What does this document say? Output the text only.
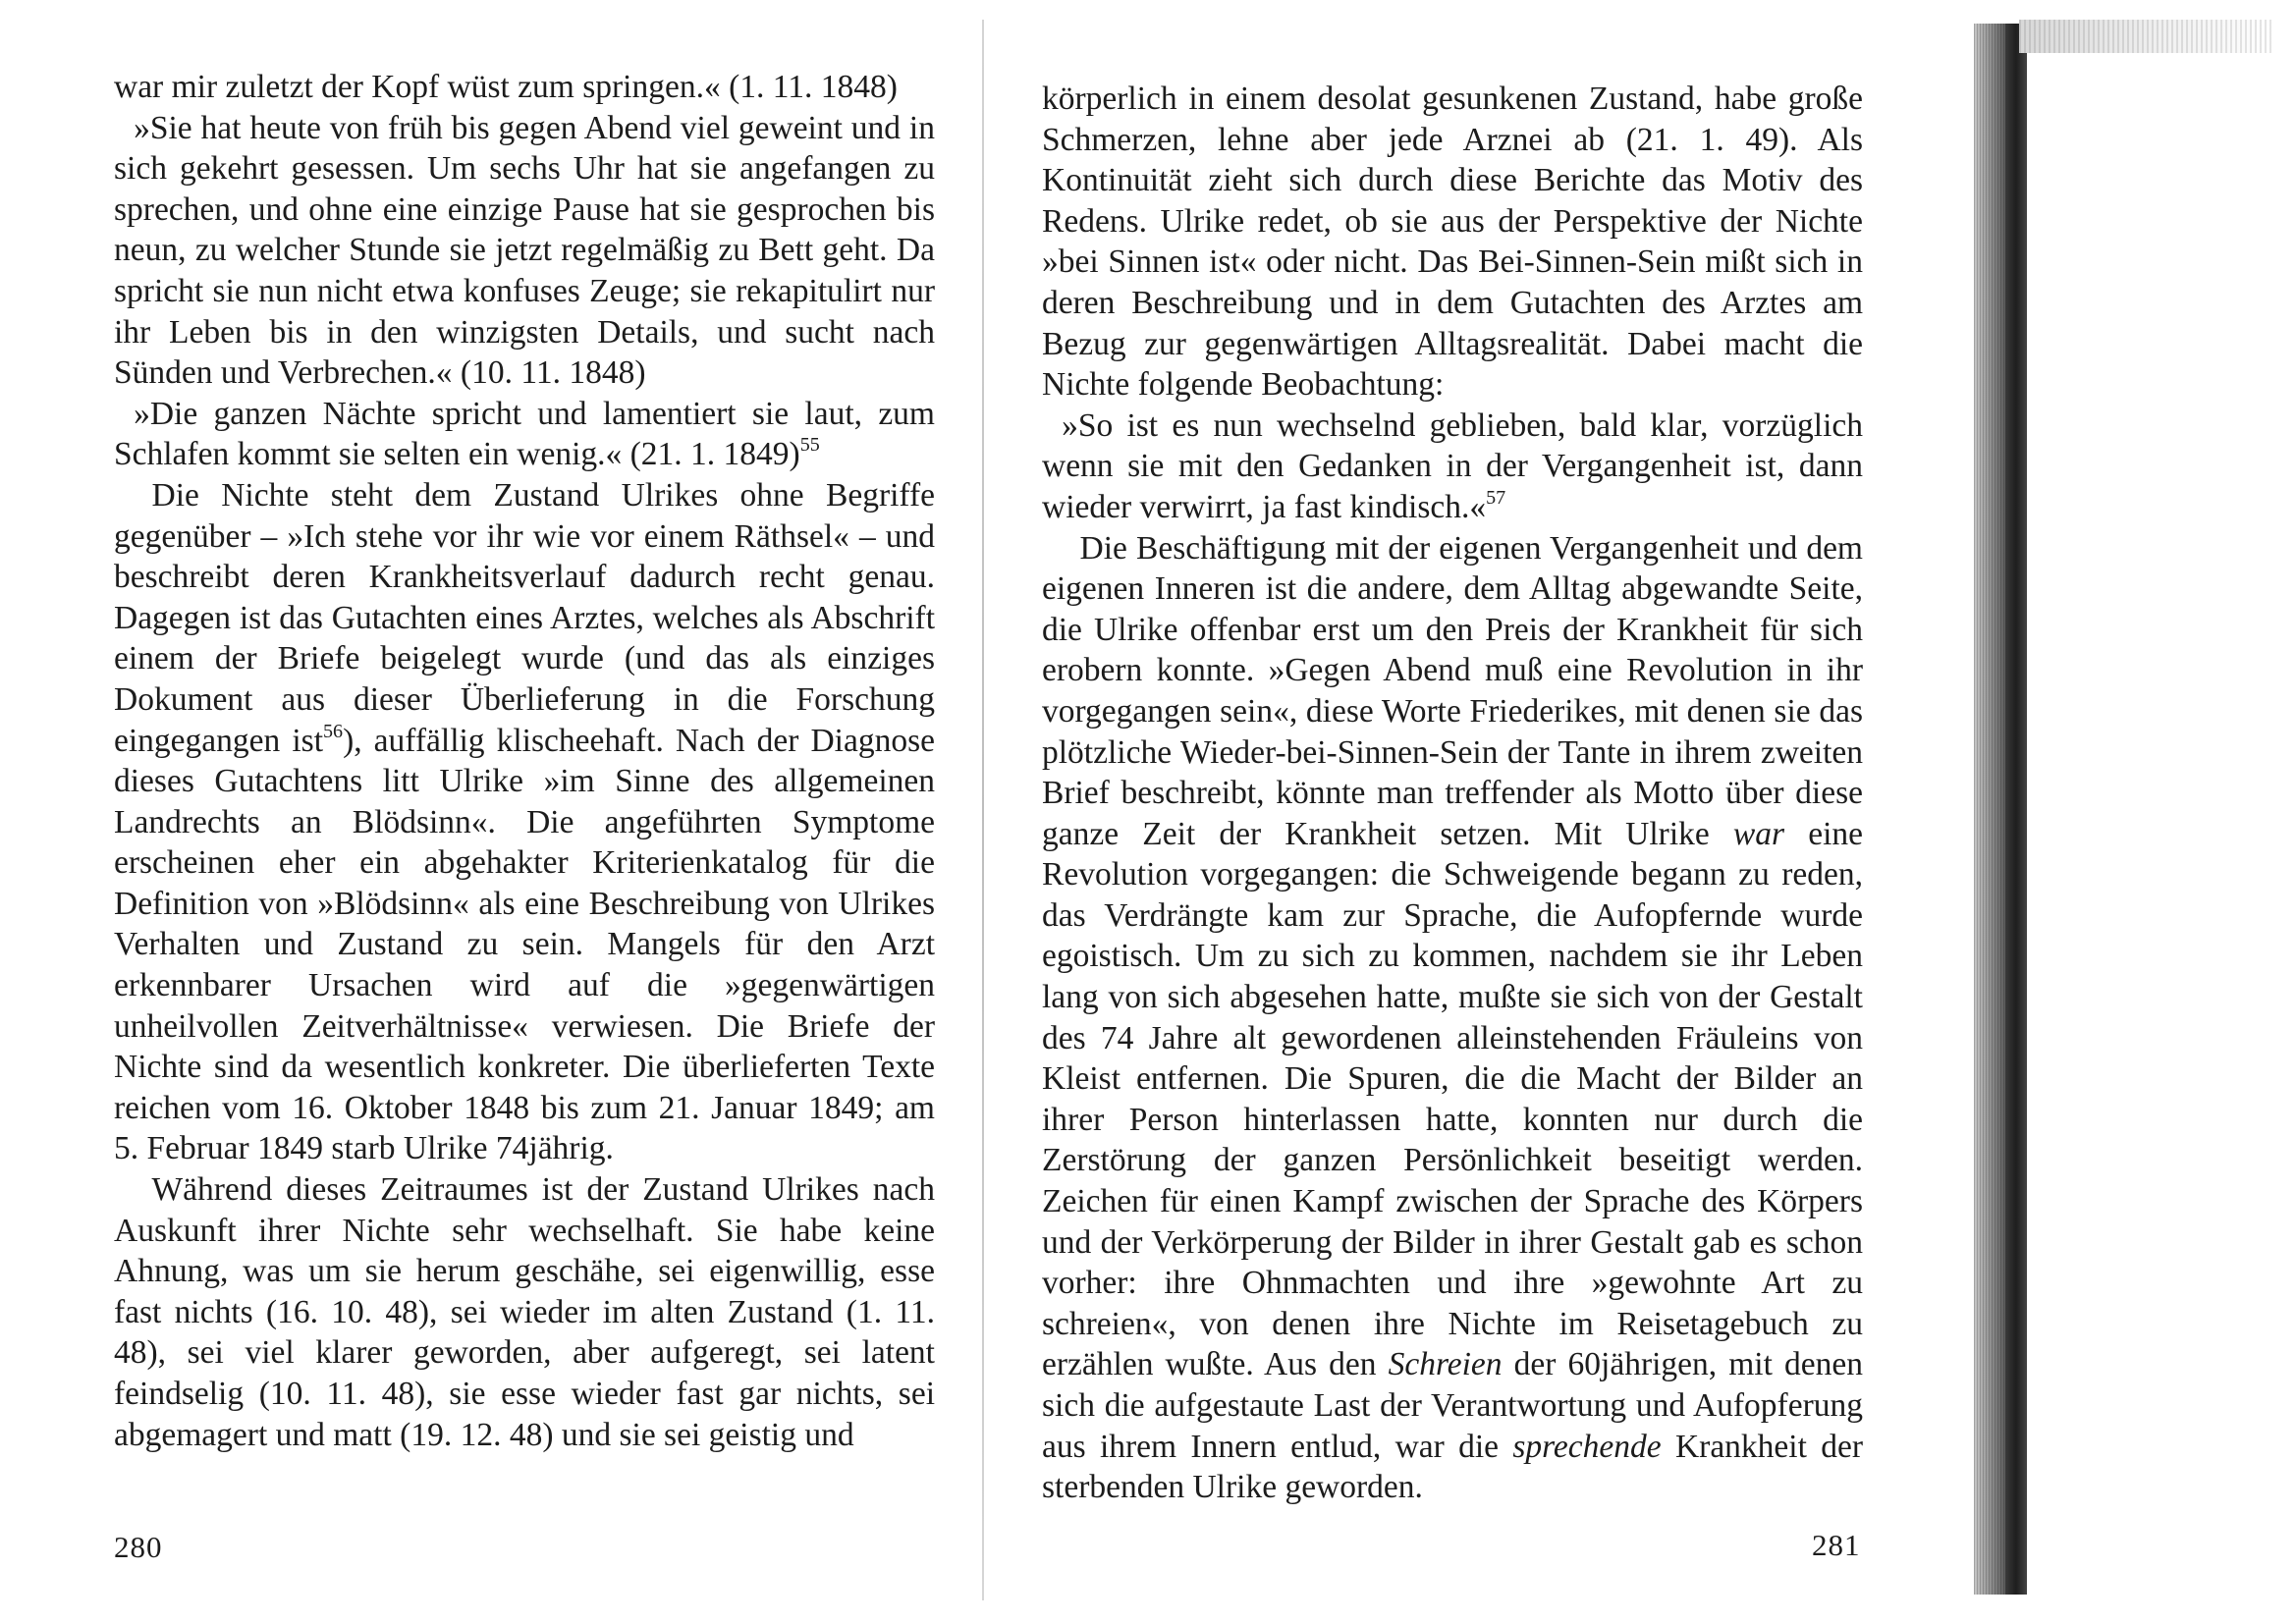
war mir zuletzt der Kopf wüst zum springen.« (1. 11. 1848)

»Sie hat heute von früh bis gegen Abend viel geweint und in sich gekehrt gesessen. Um sechs Uhr hat sie angefangen zu sprechen, und ohne eine einzige Pause hat sie gesprochen bis neun, zu welcher Stunde sie jetzt regelmäßig zu Bett geht. Da spricht sie nun nicht etwa konfuses Zeuge; sie rekapitulirt nur ihr Leben bis in den winzigsten Details, und sucht nach Sünden und Verbrechen.« (10. 11. 1848)

»Die ganzen Nächte spricht und lamentiert sie laut, zum Schlafen kommt sie selten ein wenig.« (21. 1. 1849)$^{55}$

Die Nichte steht dem Zustand Ulrikes ohne Begriffe gegenüber – »Ich stehe vor ihr wie vor einem Räthsel« – und beschreibt deren Krankheitsverlauf dadurch recht genau. Dagegen ist das Gutachten eines Arztes, welches als Abschrift einem der Briefe beigelegt wurde (und das als einziges Dokument aus dieser Überlieferung in die Forschung eingegangen ist$^{56}$), auffällig klischeehaft. Nach der Diagnose dieses Gutachtens litt Ulrike »im Sinne des allgemeinen Landrechts an Blödsinn«. Die angeführten Symptome erscheinen eher ein abgehakter Kriterienkatalog für die Definition von »Blödsinn« als eine Beschreibung von Ulrikes Verhalten und Zustand zu sein. Mangels für den Arzt erkennbarer Ursachen wird auf die »gegenwärtigen unheilvollen Zeitverhältnisse« verwiesen. Die Briefe der Nichte sind da wesentlich konkreter. Die überlieferten Texte reichen vom 16. Oktober 1848 bis zum 21. Januar 1849; am 5. Februar 1849 starb Ulrike 74jährig.

Während dieses Zeitraumes ist der Zustand Ulrikes nach Auskunft ihrer Nichte sehr wechselhaft. Sie habe keine Ahnung, was um sie herum geschähe, sei eigenwillig, esse fast nichts (16. 10. 48), sei wieder im alten Zustand (1. 11. 48), sei viel klarer geworden, aber aufgeregt, sei latent feindselig (10. 11. 48), sie esse wieder fast gar nichts, sei abgemagert und matt (19. 12. 48) und sie sei geistig und

280

körperlich in einem desolat gesunkenen Zustand, habe große Schmerzen, lehne aber jede Arznei ab (21. 1. 49). Als Kontinuität zieht sich durch diese Berichte das Motiv des Redens. Ulrike redet, ob sie aus der Perspektive der Nichte »bei Sinnen ist« oder nicht. Das Bei-Sinnen-Sein mißt sich in deren Beschreibung und in dem Gutachten des Arztes am Bezug zur gegenwärtigen Alltagsrealität. Dabei macht die Nichte folgende Beobachtung:

»So ist es nun wechselnd geblieben, bald klar, vorzüglich wenn sie mit den Gedanken in der Vergangenheit ist, dann wieder verwirrt, ja fast kindisch.«$^{57}$

Die Beschäftigung mit der eigenen Vergangenheit und dem eigenen Inneren ist die andere, dem Alltag abgewandte Seite, die Ulrike offenbar erst um den Preis der Krankheit für sich erobern konnte. »Gegen Abend muß eine Revolution in ihr vorgegangen sein«, diese Worte Friederikes, mit denen sie das plötzliche Wieder-bei-Sinnen-Sein der Tante in ihrem zweiten Brief beschreibt, könnte man treffender als Motto über diese ganze Zeit der Krankheit setzen. Mit Ulrike war eine Revolution vorgegangen: die Schweigende begann zu reden, das Verdrängte kam zur Sprache, die Aufopfernde wurde egoistisch. Um zu sich zu kommen, nachdem sie ihr Leben lang von sich abgesehen hatte, mußte sie sich von der Gestalt des 74 Jahre alt gewordenen alleinstehenden Fräuleins von Kleist entfernen. Die Spuren, die die Macht der Bilder an ihrer Person hinterlassen hatte, konnten nur durch die Zerstörung der ganzen Persönlichkeit beseitigt werden. Zeichen für einen Kampf zwischen der Sprache des Körpers und der Verkörperung der Bilder in ihrer Gestalt gab es schon vorher: ihre Ohnmachten und ihre »gewohnte Art zu schreien«, von denen ihre Nichte im Reisetagebuch zu erzählen wußte. Aus den Schreien der 60jährigen, mit denen sich die aufgestaute Last der Verantwortung und Aufopferung aus ihrem Innern entlud, war die sprechende Krankheit der sterbenden Ulrike geworden.

281
